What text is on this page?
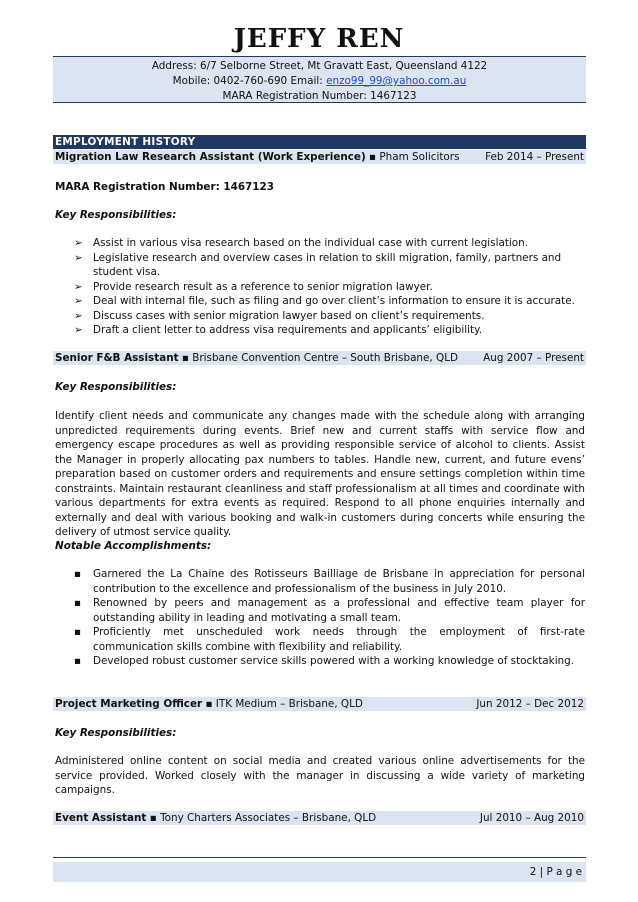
JEFFY REN
Address: 6/7 Selborne Street, Mt Gravatt East, Queensland 4122
Mobile: 0402-760-690 Email: enzo99_99@yahoo.com.au
MARA Registration Number: 1467123
EMPLOYMENT HISTORY
Migration Law Research Assistant (Work Experience) ▪ Pham Solicitors Feb 2014 – Present
MARA Registration Number: 1467123
Key Responsibilities:
➢ Assist in various visa research based on the individual case with current legislation.
➢ Legislative research and overview cases in relation to skill migration, family, partners and student visa.
➢ Provide research result as a reference to senior migration lawyer.
➢ Deal with internal file, such as filing and go over client’s information to ensure it is accurate.
➢ Discuss cases with senior migration lawyer based on client’s requirements.
➢ Draft a client letter to address visa requirements and applicants’ eligibility.
Senior F&B Assistant ▪ Brisbane Convention Centre – South Brisbane, QLD Aug 2007 – Present
Key Responsibilities:
Identify client needs and communicate any changes made with the schedule along with arranging unpredicted requirements during events. Brief new and current staffs with service flow and emergency escape procedures as well as providing responsible service of alcohol to clients. Assist the Manager in properly allocating pax numbers to tables. Handle new, current, and future evens’ preparation based on customer orders and requirements and ensure settings completion within time constraints. Maintain restaurant cleanliness and staff professionalism at all times and coordinate with various departments for extra events as required. Respond to all phone enquiries internally and externally and deal with various booking and walk-in customers during concerts while ensuring the delivery of utmost service quality.
Notable Accomplishments:
▪ Garnered the La Chaine des Rotisseurs Bailliage de Brisbane in appreciation for personal contribution to the excellence and professionalism of the business in July 2010.
▪ Renowned by peers and management as a professional and effective team player for outstanding ability in leading and motivating a small team.
▪ Proficiently met unscheduled work needs through the employment of first-rate communication skills combine with flexibility and reliability.
▪ Developed robust customer service skills powered with a working knowledge of stocktaking.
Project Marketing Officer ▪ ITK Medium – Brisbane, QLD	Jun 2012 – Dec 2012
Key Responsibilities:
Administered online content on social media and created various online advertisements for the service provided. Worked closely with the manager in discussing a wide variety of marketing campaigns.
Event Assistant ▪ Tony Charters Associates – Brisbane, QLD	Jul 2010 – Aug 2010
2 | P a g e
